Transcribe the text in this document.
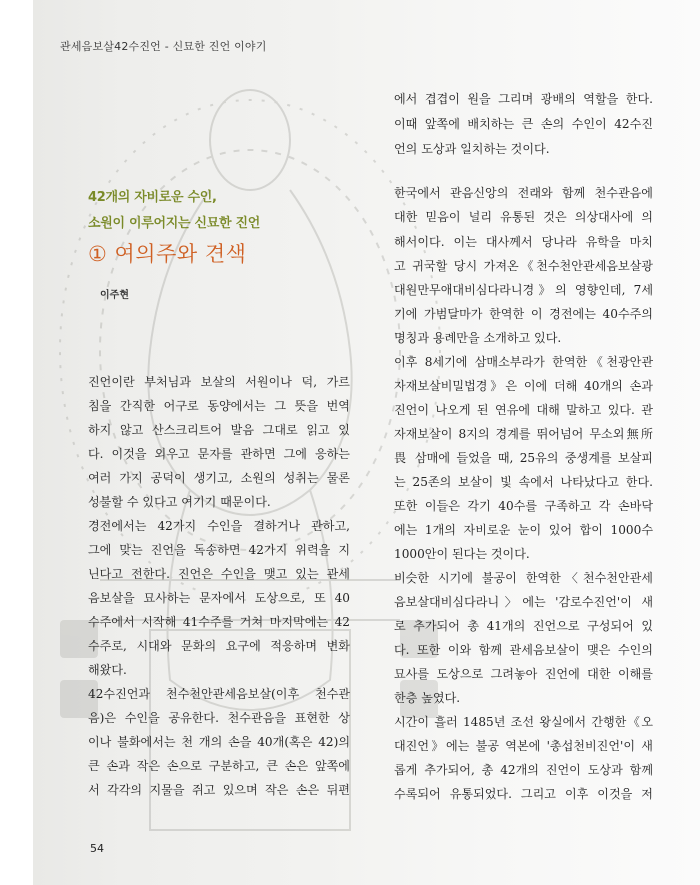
관세음보살42수진언 - 신묘한 진언 이야기
42개의 자비로운 수인,
소원이 이루어지는 신묘한 진언
① 여의주와 견색
이주현
진언이란 부처님과 보살의 서원이나 덕, 가르
침을 간직한 어구로 동양에서는 그 뜻을 번역
하지 않고 산스크리트어 발음 그대로 읽고 있
다. 이것을 외우고 문자를 관하면 그에 응하는
여러 가지 공덕이 생기고, 소원의 성취는 물론
성불할 수 있다고 여기기 때문이다.
경전에서는 42가지 수인을 결하거나 관하고,
그에 맞는 진언을 독송하면 42가지 위력을 지
닌다고 전한다. 진언은 수인을 맺고 있는 관세
음보살을 묘사하는 문자에서 도상으로, 또 40
수주에서 시작해 41수주를 거쳐 마지막에는 42
수주로, 시대와 문화의 요구에 적응하며 변화
해왔다.
42수진언과 천수천안관세음보살(이후 천수관
음)은 수인을 공유한다. 천수관음을 표현한 상
이나 불화에서는 천 개의 손을 40개(혹은 42)의
큰 손과 작은 손으로 구분하고, 큰 손은 앞쪽에
서 각각의 지물을 쥐고 있으며 작은 손은 뒤편
에서 겹겹이 원을 그리며 광배의 역할을 한다.
이때 앞쪽에 배치하는 큰 손의 수인이 42수진
언의 도상과 일치하는 것이다.
한국에서 관음신앙의 전래와 함께 천수관음에
대한 믿음이 널리 유통된 것은 의상대사에 의
해서이다. 이는 대사께서 당나라 유학을 마치
고 귀국할 당시 가져온《천수천안관세음보살광
대원만무애대비심다라니경》의 영향인데, 7세
기에 가범달마가 한역한 이 경전에는 40수주의
명칭과 용례만을 소개하고 있다.
이후 8세기에 삼매소부라가 한역한《천광안관
자재보살비밀법경》은 이에 더해 40개의 손과
진언이 나오게 된 연유에 대해 말하고 있다. 관
자재보살이 8지의 경계를 뛰어넘어 무소외無所
畏 삼매에 들었을 때, 25유의 중생계를 보살피
는 25존의 보살이 빛 속에서 나타났다고 한다.
또한 이들은 각기 40수를 구족하고 각 손바닥
에는 1개의 자비로운 눈이 있어 합이 1000수
1000안이 된다는 것이다.
비슷한 시기에 불공이 한역한〈천수천안관세
음보살대비심다라니〉에는 '감로수진언'이 새
로 추가되어 총 41개의 진언으로 구성되어 있
다. 또한 이와 함께 관세음보살이 맺은 수인의
묘사를 도상으로 그려놓아 진언에 대한 이해를
한층 높였다.
시간이 흘러 1485년 조선 왕실에서 간행한《오
대진언》에는 불공 역본에 '총섭천비진언'이 새
롭게 추가되어, 총 42개의 진언이 도상과 함께
수록되어 유통되었다. 그리고 이후 이것을 저
54
